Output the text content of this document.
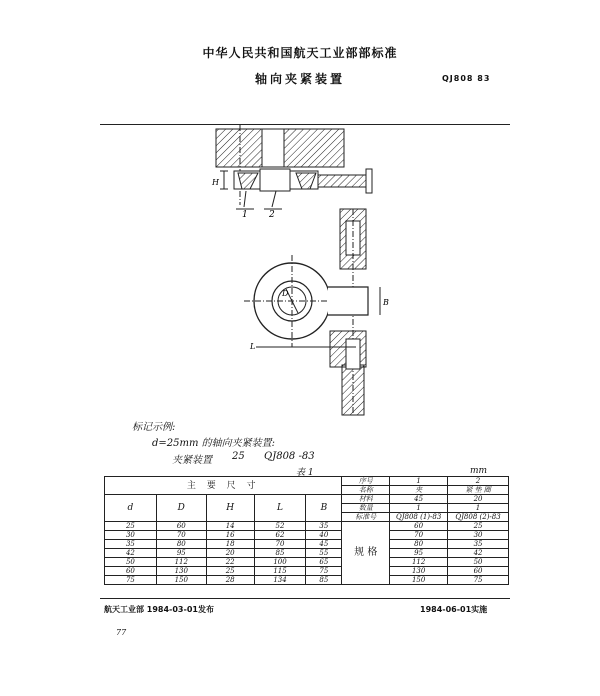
中华人民共和国航天工业部部标准
轴向夹紧装置	QJ808 83
H
1 2
D
B
L
标记示例:
d=25mm 的轴向夹紧装置:
夹紧装置 25 QJ808 -83
表 1	mm
主 要 尺 寸					序号	1	2
					名称	夹	紧 垫 圈
d	D	H	L	B	材料	45	20
					数量	1	1
					标准号	QJ808 (1)-83	QJ808 (2)-83
25	60	14	52	35	规 格	60	25
30	70	16	62	40		70	30
35	80	18	70	45		80	35
42	95	20	85	55		95	42
50	112	22	100	65		112	50
60	130	25	115	75		130	60
75	150	28	134	85		150	75
航天工业部 1984-03-01发布	1984-06-01实施
77
